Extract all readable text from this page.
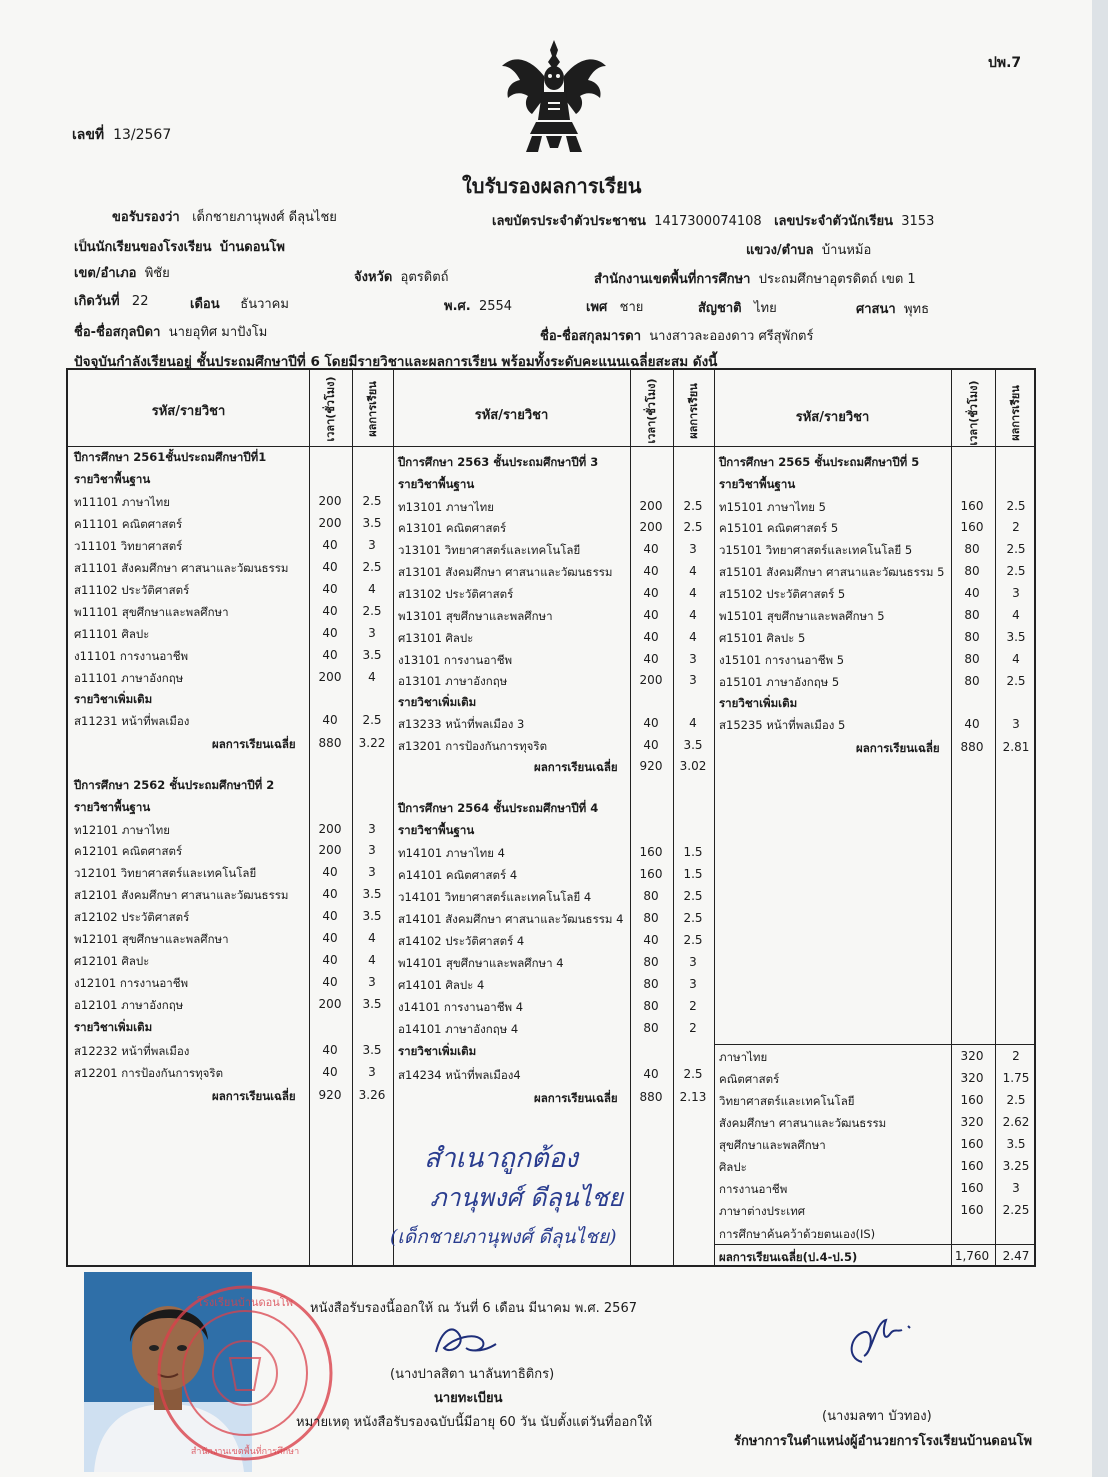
ปพ.7
เลขที่ 13/2567
ใบรับรองผลการเรียน
ขอรับรองว่า เด็กชายภานุพงศ์ ดีลุนไชย	เลขบัตรประจำตัวประชาชน 1417300074108 เลขประจำตัวนักเรียน 3153
เป็นนักเรียนของโรงเรียน บ้านดอนโพ	แขวง/ตำบล บ้านหม้อ
เขต/อำเภอ พิชัย	จังหวัด อุตรดิตถ์	สำนักงานเขตพื้นที่การศึกษา ประถมศึกษาอุตรดิตถ์ เขต 1
เกิดวันที่ 22	เดือน ธันวาคม	พ.ศ. 2554	เพศ ชาย	สัญชาติ ไทย	ศาสนา พุทธ
ชื่อ-ชื่อสกุลบิดา นายอุทิศ มาปังโม	ชื่อ-ชื่อสกุลมารดา นางสาวละอองดาว ศรีสุพักตร์
ปัจจุบันกำลังเรียนอยู่ ชั้นประถมศึกษาปีที่ 6 โดยมีรายวิชาและผลการเรียน พร้อมทั้งระดับคะแนนเฉลี่ยสะสม ดังนี้
รหัส/รายวิชา	เวลา(ชั่วโมง)	ผลการเรียน	รหัส/รายวิชา	เวลา(ชั่วโมง)	ผลการเรียน	รหัส/รายวิชา	เวลา(ชั่วโมง)	ผลการเรียน
ปีการศึกษา 2561ชั้นประถมศึกษาปีที่1
รายวิชาพื้นฐาน
ท11101 ภาษาไทย	200	2.5
ค11101 คณิตศาสตร์	200	3.5
ว11101 วิทยาศาสตร์	40	3
ส11101 สังคมศึกษา ศาสนาและวัฒนธรรม	40	2.5
ส11102 ประวัติศาสตร์	40	4
พ11101 สุขศึกษาและพลศึกษา	40	2.5
ศ11101 ศิลปะ	40	3
ง11101 การงานอาชีพ	40	3.5
อ11101 ภาษาอังกฤษ	200	4
รายวิชาเพิ่มเติม
ส11231 หน้าที่พลเมือง	40	2.5
ผลการเรียนเฉลี่ย	880	3.22
ปีการศึกษา 2562 ชั้นประถมศึกษาปีที่ 2
รายวิชาพื้นฐาน
ท12101 ภาษาไทย	200	3
ค12101 คณิตศาสตร์	200	3
ว12101 วิทยาศาสตร์และเทคโนโลยี	40	3
ส12101 สังคมศึกษา ศาสนาและวัฒนธรรม	40	3.5
ส12102 ประวัติศาสตร์	40	3.5
พ12101 สุขศึกษาและพลศึกษา	40	4
ศ12101 ศิลปะ	40	4
ง12101 การงานอาชีพ	40	3
อ12101 ภาษาอังกฤษ	200	3.5
รายวิชาเพิ่มเติม
ส12232 หน้าที่พลเมือง	40	3.5
ส12201 การป้องกันการทุจริต	40	3
ผลการเรียนเฉลี่ย	920	3.26
ปีการศึกษา 2563 ชั้นประถมศึกษาปีที่ 3
รายวิชาพื้นฐาน
ท13101 ภาษาไทย	200	2.5
ค13101 คณิตศาสตร์	200	2.5
ว13101 วิทยาศาสตร์และเทคโนโลยี	40	3
ส13101 สังคมศึกษา ศาสนาและวัฒนธรรม	40	4
ส13102 ประวัติศาสตร์	40	4
พ13101 สุขศึกษาและพลศึกษา	40	4
ศ13101 ศิลปะ	40	4
ง13101 การงานอาชีพ	40	3
อ13101 ภาษาอังกฤษ	200	3
รายวิชาเพิ่มเติม
ส13233 หน้าที่พลเมือง 3	40	4
ส13201 การป้องกันการทุจริต	40	3.5
ผลการเรียนเฉลี่ย	920	3.02
ปีการศึกษา 2564 ชั้นประถมศึกษาปีที่ 4
รายวิชาพื้นฐาน
ท14101 ภาษาไทย 4	160	1.5
ค14101 คณิตศาสตร์ 4	160	1.5
ว14101 วิทยาศาสตร์และเทคโนโลยี 4	80	2.5
ส14101 สังคมศึกษา ศาสนาและวัฒนธรรม 4	80	2.5
ส14102 ประวัติศาสตร์ 4	40	2.5
พ14101 สุขศึกษาและพลศึกษา 4	80	3
ศ14101 ศิลปะ 4	80	3
ง14101 การงานอาชีพ 4	80	2
อ14101 ภาษาอังกฤษ 4	80	2
รายวิชาเพิ่มเติม
ส14234 หน้าที่พลเมือง4	40	2.5
ผลการเรียนเฉลี่ย	880	2.13
ปีการศึกษา 2565 ชั้นประถมศึกษาปีที่ 5
รายวิชาพื้นฐาน
ท15101 ภาษาไทย 5	160	2.5
ค15101 คณิตศาสตร์ 5	160	2
ว15101 วิทยาศาสตร์และเทคโนโลยี 5	80	2.5
ส15101 สังคมศึกษา ศาสนาและวัฒนธรรม 5	80	2.5
ส15102 ประวัติศาสตร์ 5	40	3
พ15101 สุขศึกษาและพลศึกษา 5	80	4
ศ15101 ศิลปะ 5	80	3.5
ง15101 การงานอาชีพ 5	80	4
อ15101 ภาษาอังกฤษ 5	80	2.5
รายวิชาเพิ่มเติม
ส15235 หน้าที่พลเมือง 5	40	3
ผลการเรียนเฉลี่ย	880	2.81
ภาษาไทย	320	2
คณิตศาสตร์	320	1.75
วิทยาศาสตร์และเทคโนโลยี	160	2.5
สังคมศึกษา ศาสนาและวัฒนธรรม	320	2.62
สุขศึกษาและพลศึกษา	160	3.5
ศิลปะ	160	3.25
การงานอาชีพ	160	3
ภาษาต่างประเทศ	160	2.25
การศึกษาค้นคว้าด้วยตนเอง(IS)
ผลการเรียนเฉลี่ย(ป.4-ป.5)	1,760	2.47
สำเนาถูกต้อง
ภานุพงศ์ ดีลุนไชย
(เด็กชายภานุพงศ์ ดีลุนไชย)
โรงเรียนบ้านดอนโพ
สำนักงานเขตพื้นที่การศึกษา
หนังสือรับรองนี้ออกให้ ณ วันที่ 6 เดือน มีนาคม พ.ศ. 2567
(นางปาลสิตา นาลันทาธิติกร)
นายทะเบียน
หมายเหตุ หนังสือรับรองฉบับนี้มีอายุ 60 วัน นับตั้งแต่วันที่ออกให้	(นางมลฑา บัวทอง)
รักษาการในตำแหน่งผู้อำนวยการโรงเรียนบ้านดอนโพ
